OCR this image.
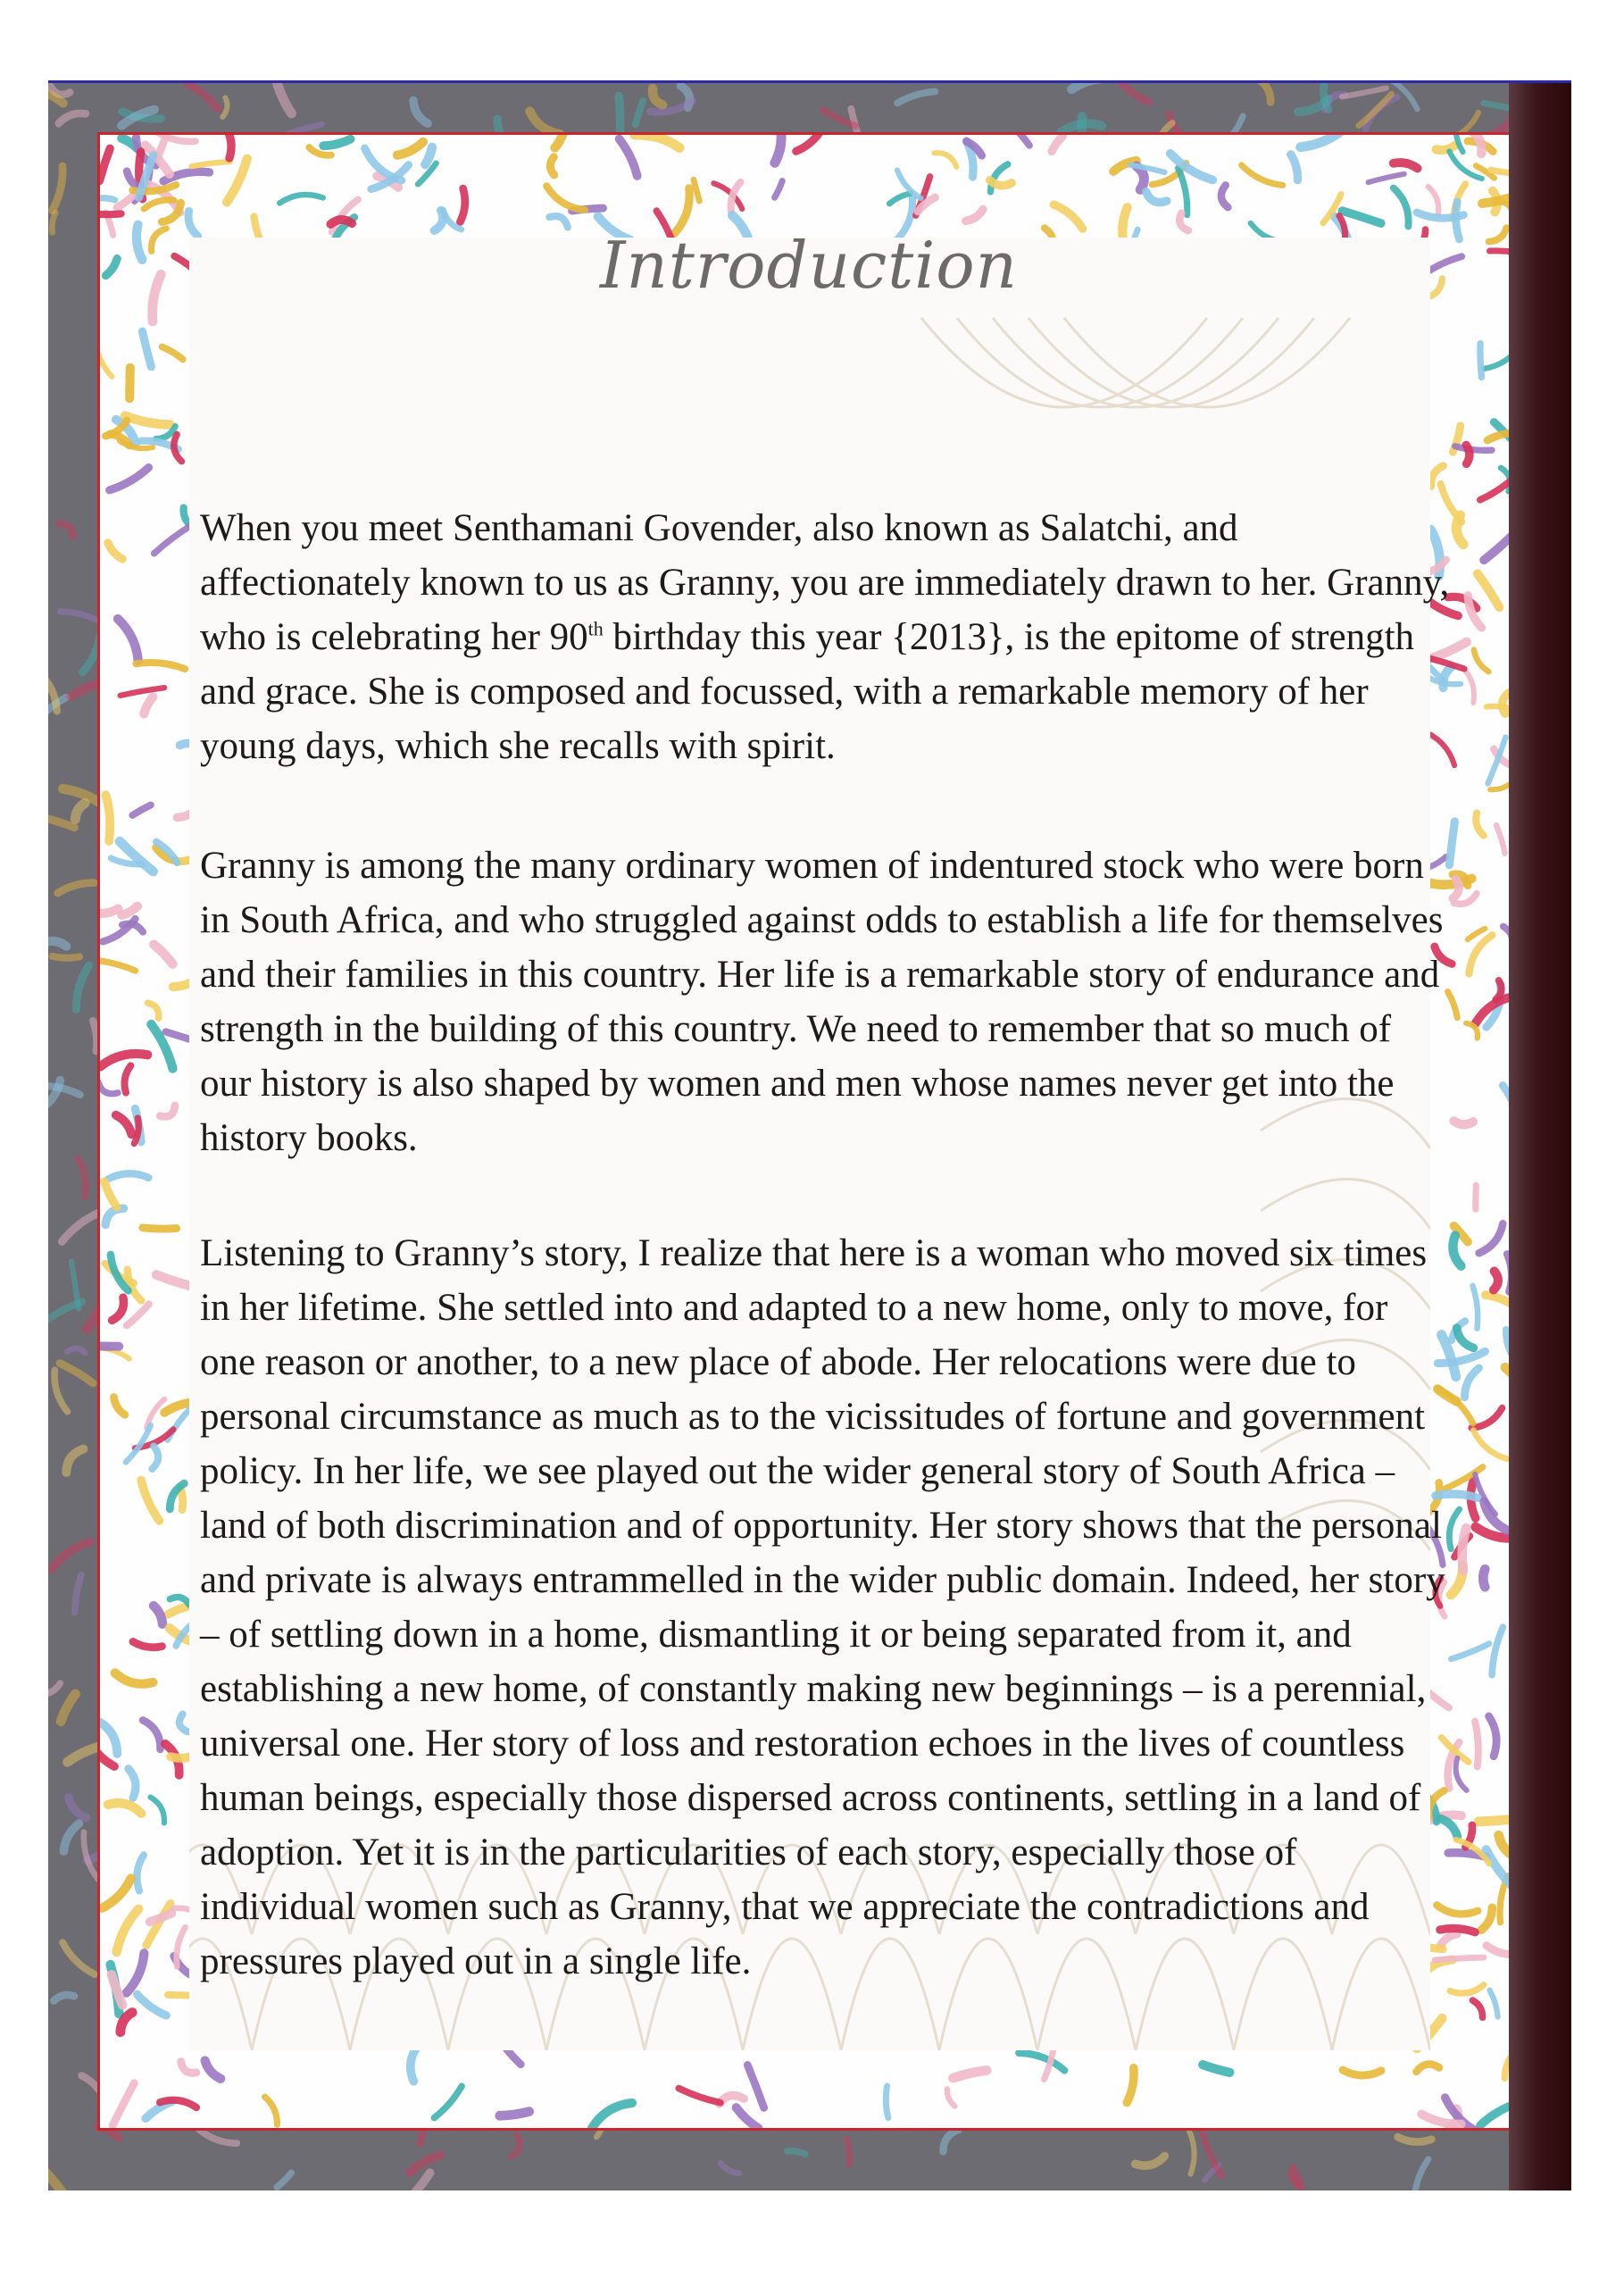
Introduction

When you meet Senthamani Govender, also known as Salatchi, and affectionately known to us as Granny, you are immediately drawn to her. Granny, who is celebrating her 90th birthday this year {2013}, is the epitome of strength and grace. She is composed and focussed, with a remarkable memory of her young days, which she recalls with spirit.

Granny is among the many ordinary women of indentured stock who were born in South Africa, and who struggled against odds to establish a life for themselves and their families in this country. Her life is a remarkable story of endurance and strength in the building of this country. We need to remember that so much of our history is also shaped by women and men whose names never get into the history books.

Listening to Granny’s story, I realize that here is a woman who moved six times in her lifetime. She settled into and adapted to a new home, only to move, for one reason or another, to a new place of abode. Her relocations were due to personal circumstance as much as to the vicissitudes of fortune and government policy. In her life, we see played out the wider general story of South Africa – land of both discrimination and of opportunity. Her story shows that the personal and private is always entrammelled in the wider public domain. Indeed, her story – of settling down in a home, dismantling it or being separated from it, and establishing a new home, of constantly making new beginnings – is a perennial, universal one. Her story of loss and restoration echoes in the lives of countless human beings, especially those dispersed across continents, settling in a land of adoption. Yet it is in the particularities of each story, especially those of individual women such as Granny, that we appreciate the contradictions and pressures played out in a single life.
